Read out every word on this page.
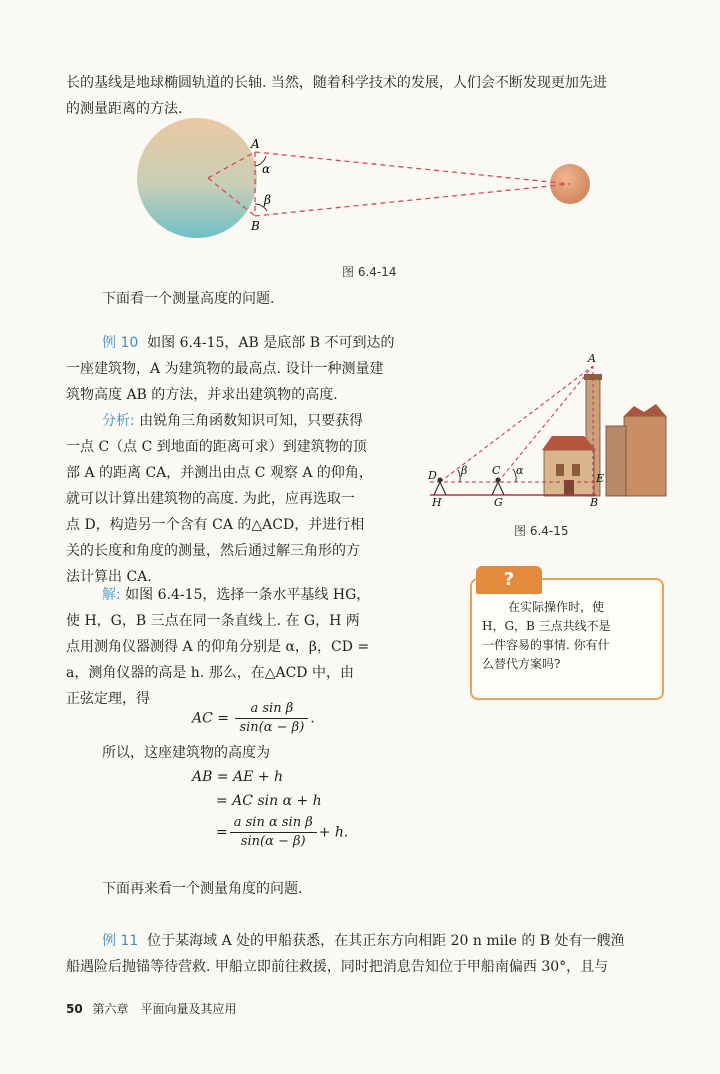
长的基线是地球椭圆轨道的长轴. 当然，随着科学技术的发展，人们会不断发现更加先进

的测量距离的方法.

A
α
β
B
图 6.4-14

下面看一个测量高度的问题.

例 10 如图 6.4-15，AB 是底部 B 不可到达的

一座建筑物，A 为建筑物的最高点. 设计一种测量建

筑物高度 AB 的方法，并求出建筑物的高度.

分析: 由锐角三角函数知识可知，只要获得

一点 C（点 C 到地面的距离可求）到建筑物的顶

部 A 的距离 CA，并测出由点 C 观察 A 的仰角，

就可以计算出建筑物的高度. 为此，应再选取一

点 D，构造另一个含有 CA 的△ACD，并进行相

关的长度和角度的测量，然后通过解三角形的方

法计算出 CA.

解: 如图 6.4-15，选择一条水平基线 HG，

使 H，G，B 三点在同一条直线上. 在 G，H 两

点用测角仪器测得 A 的仰角分别是 α，β，CD =

a，测角仪器的高是 h. 那么，在△ACD 中，由

正弦定理，得

AC = $\frac{\text{a sin β}}{\sin(\alpha - \beta)}$ .

所以，这座建筑物的高度为

AB = AE + h
= AC sin α + h
= $\frac{\text{a sin α sin β}}{\sin(\alpha - \beta)} + h$.
A
β C α
D	E
H	G	B
图 6.4-15
?
在实际操作时，使
H，G，B 三点共线不是
一件容易的事情. 你有什
么替代方案吗?

下面再来看一个测量角度的问题.

例 11 位于某海域 A 处的甲船获悉，在其正东方向相距 20 n mile 的 B 处有一艘渔

船遇险后抛锚等待营救. 甲船立即前往救援，同时把消息告知位于甲船南偏西 30°，且与

50 第六章　平面向量及其应用
